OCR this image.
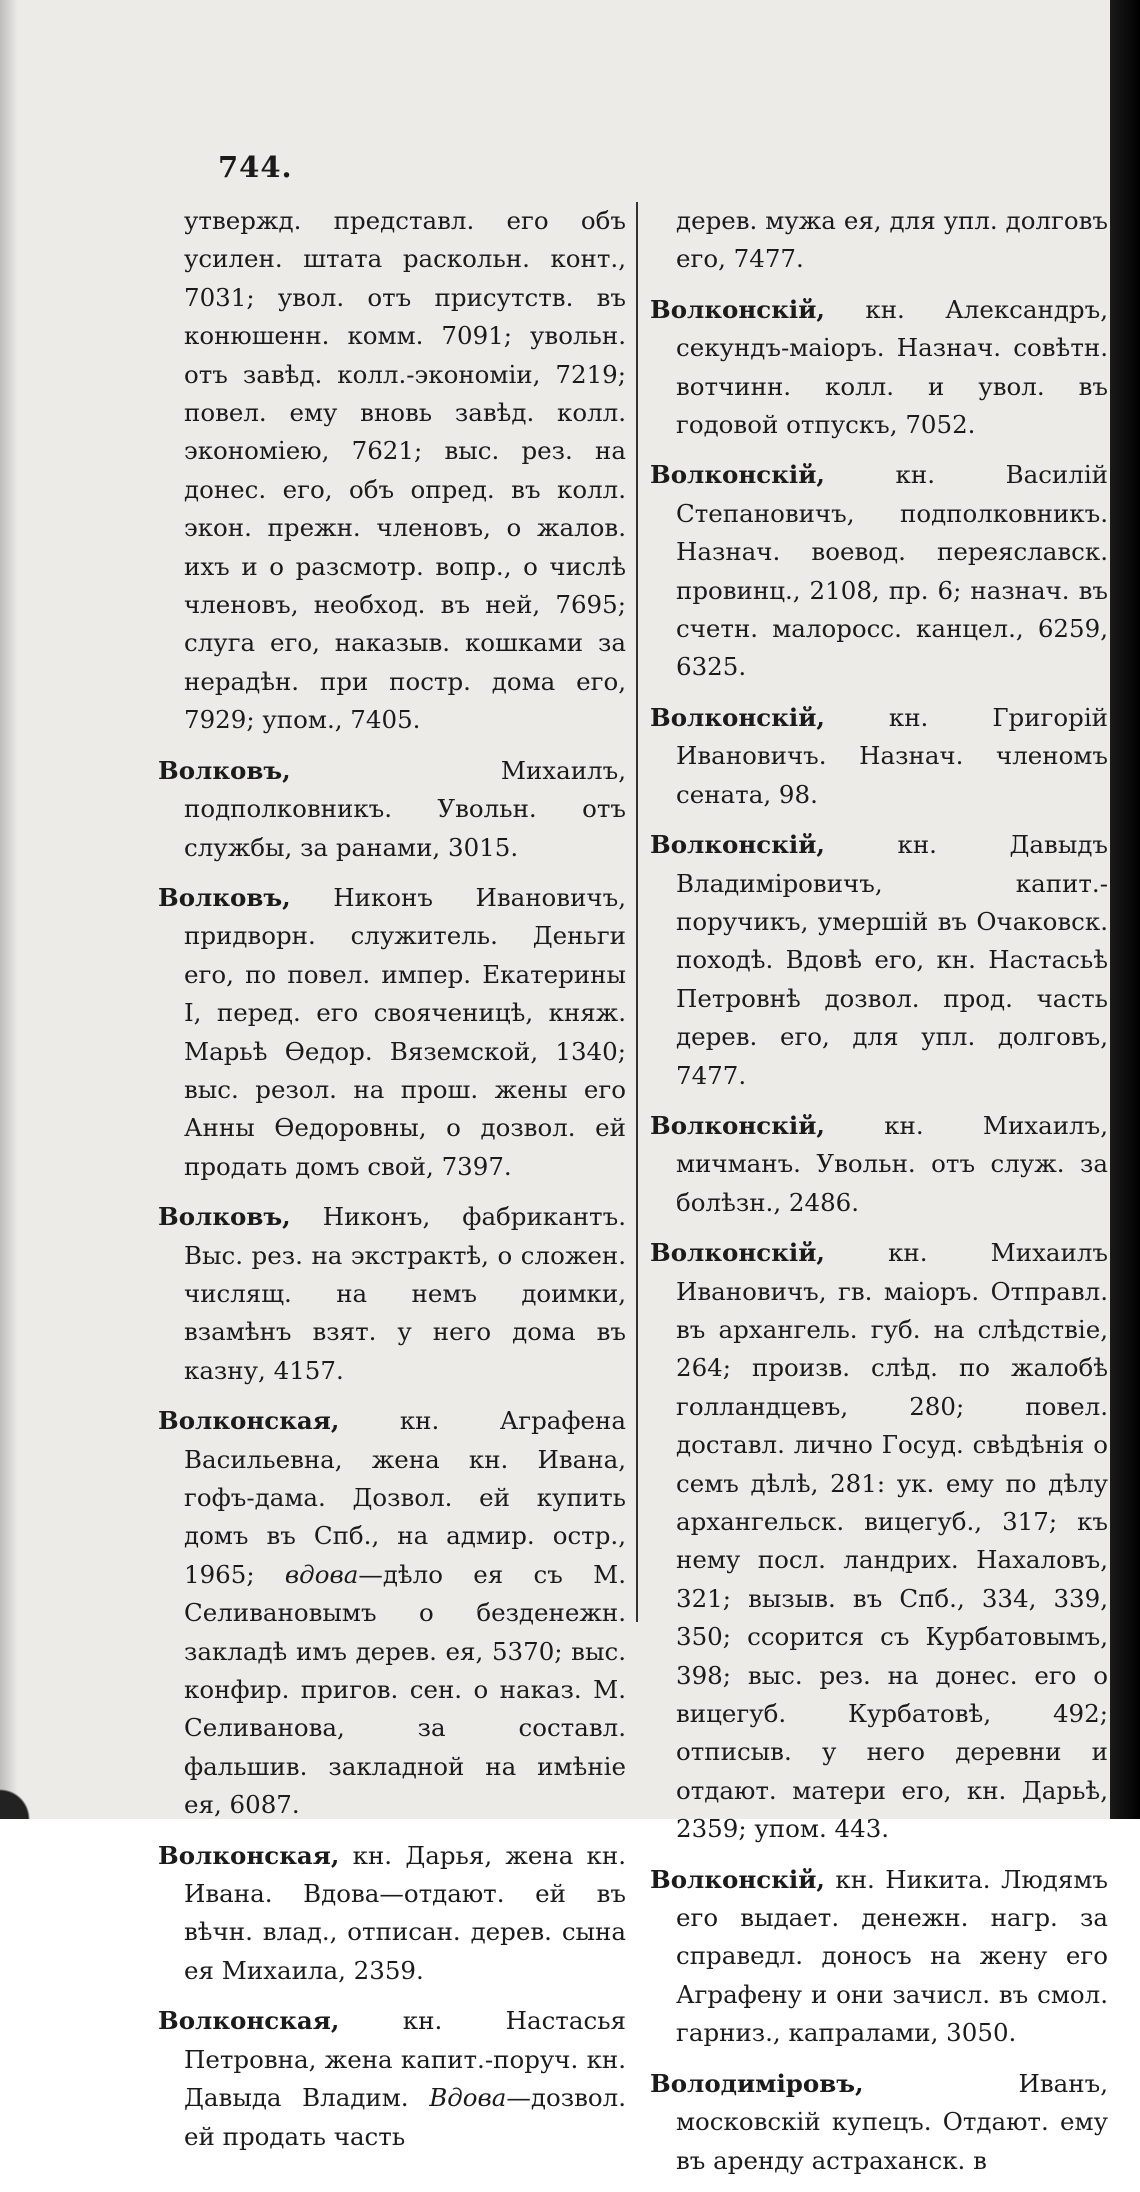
744.

утвержд. представл. его объ усилен. штата раскольн. конт., 7031; увол. отъ присутств. въ конюшенн. комм. 7091; увольн. отъ завѣд. колл.-экономіи, 7219; повел. ему вновь завѣд. колл. экономіею, 7621; выс. рез. на донес. его, объ опред. въ колл. экон. прежн. членовъ, о жалов. ихъ и о разсмотр. вопр., о числѣ членовъ, необход. въ ней, 7695; слуга его, наказыв. кошками за нерадѣн. при постр. дома его, 7929; упом., 7405.

Волковъ,	Михаилъ, подполковникъ. Увольн. отъ службы, за ранами, 3015.

Волковъ, Никонъ Ивановичъ, придворн. служитель. Деньги его, по повел. импер. Екатерины I, перед. его свояченицѣ, княж. Марьѣ Ѳедор. Вяземской, 1340; выс. резол. на прош. жены его Анны Ѳедоровны, о дозвол. ей продать домъ свой, 7397.

Волковъ, Никонъ, фабрикантъ. Выс. рез. на экстрактѣ, о сложен. числящ. на немъ доимки, взамѣнъ взят. у него дома въ казну, 4157.

Волконская, кн. Аграфена Васильевна, жена кн. Ивана, гофъ-дама. Дозвол. ей купить домъ въ Спб., на адмир. остр., 1965; вдова—дѣло ея съ М. Селивановымъ о безденежн. закладѣ имъ дерев. ея, 5370; выс. конфир. пригов. сен. о наказ. М. Селиванова, за составл. фальшив. закладной на имѣніе ея, 6087.

Волконская, кн. Дарья, жена кн. Ивана. Вдова—отдают. ей въ вѣчн. влад., отписан. дерев. сына ея Михаила, 2359.

Волконская,	кн. Настасья Петровна, жена капит.-поруч. кн. Давыда Владим. Вдова—дозвол. ей продать часть

дерев. мужа ея, для упл. долговъ его, 7477.

Волконскій, кн. Александръ, секундъ-маіоръ. Назнач. совѣтн. вотчинн. колл. и увол. въ годовой отпускъ, 7052.

Волконскій,	кн. Василій Степановичъ, подполковникъ. Назнач. воевод. переяславск. провинц., 2108, пр. 6; назнач. въ счетн. малоросс. канцел., 6259, 6325.

Волконскій,	кн. Григорій Ивановичъ. Назнач. членомъ сената, 98.

Волконскій,	кн. Давыдъ Владиміровичъ, капит.-поручикъ, умершій въ Очаковск. походѣ. Вдовѣ его, кн. Настасьѣ Петровнѣ дозвол. прод. часть дерев. его, для упл. долговъ, 7477.

Волконскій, кн. Михаилъ, мичманъ. Увольн. отъ служ. за болѣзн., 2486.

Волконскій,	кн. Михаилъ Ивановичъ, гв. маіоръ. Отправл. въ архангель. губ. на слѣдствіе, 264; произв. слѣд. по жалобѣ голландцевъ, 280; повел. доставл. лично Госуд. свѣдѣнія о семъ дѣлѣ, 281: ук. ему по дѣлу архангельск. вицегуб., 317; къ нему посл. ландрих. Нахаловъ, 321; вызыв. въ Спб., 334, 339, 350; ссорится съ Курбатовымъ, 398; выс. рез. на донес. его о вицегуб. Курбатовѣ, 492; отписыв. у него деревни и отдают. матери его, кн. Дарьѣ, 2359; упом. 443.

Волконскій, кн. Никита. Людямъ его выдает. денежн. нагр. за справедл. доносъ на жену его Аграфену и они зачисл. въ смол. гарниз., капралами, 3050.

Володиміровъ,	Иванъ, московскій купецъ. Отдают. ему въ аренду астраханск. в
